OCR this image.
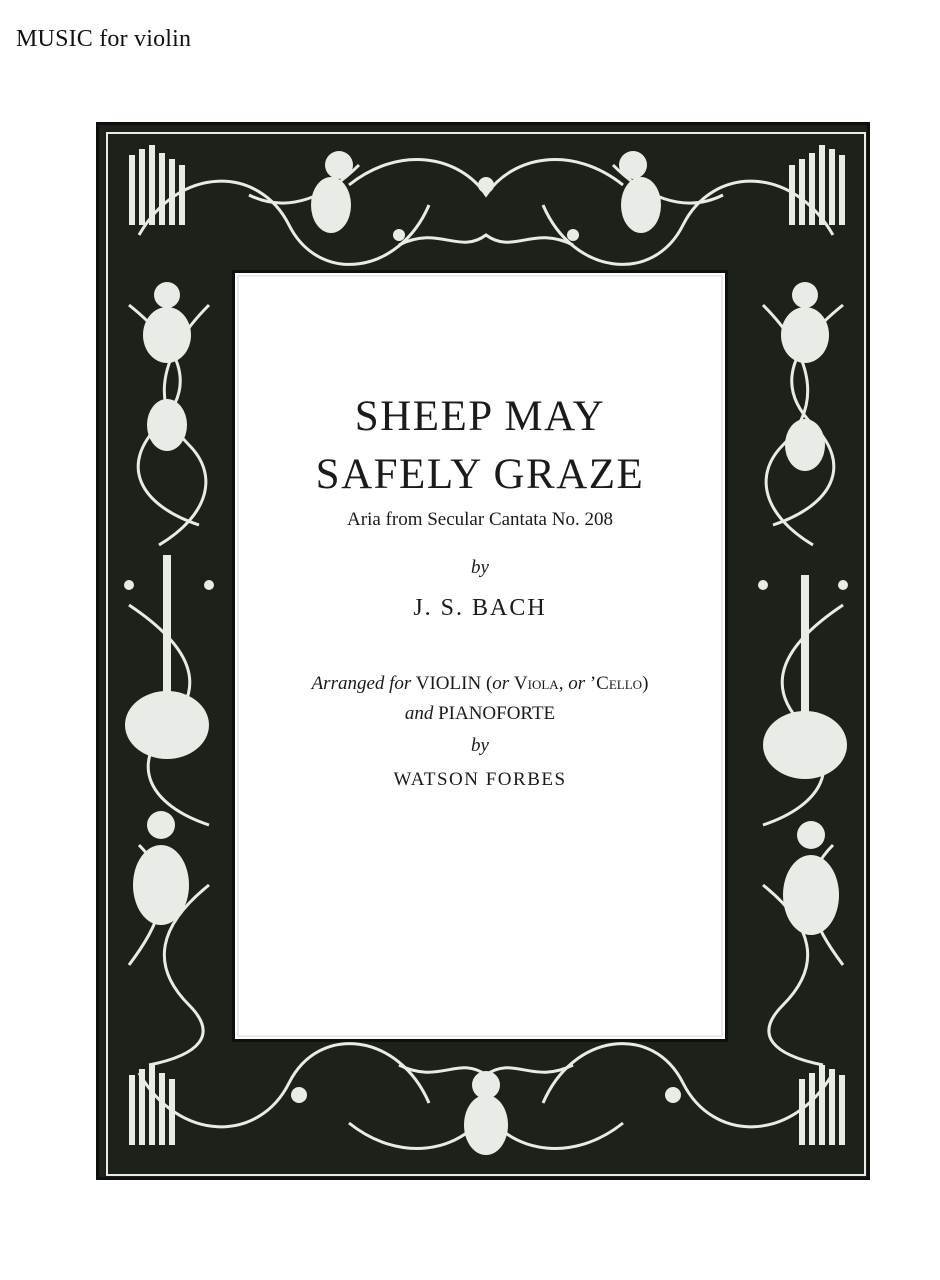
MUSIC for violin
SHEEP MAY
SAFELY GRAZE
Aria from Secular Cantata No. 208
by
J. S. BACH
Arranged for VIOLIN (or Viola, or ’Cello)
and PIANOFORTE
by
WATSON FORBES
